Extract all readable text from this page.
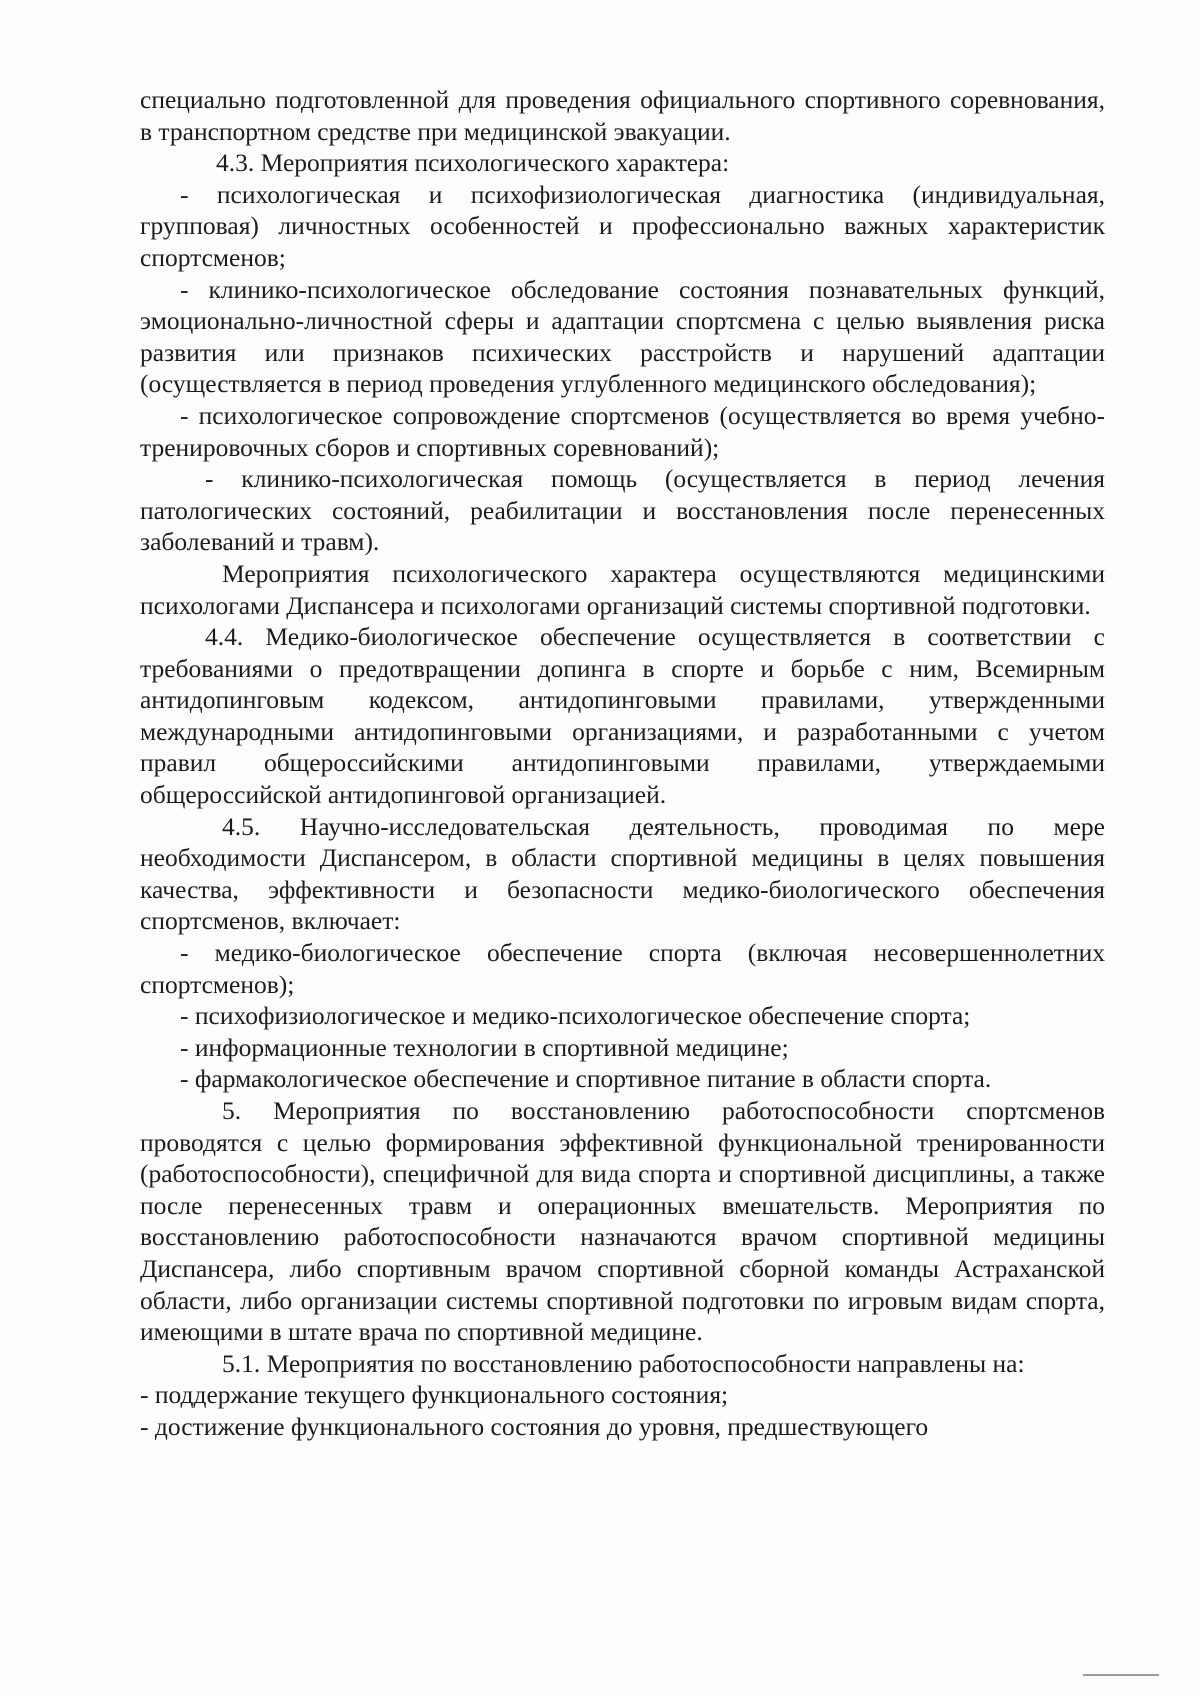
специально подготовленной для проведения официального спортивного соревнования, в транспортном средстве при медицинской эвакуации.

4.3. Мероприятия психологического характера:

- психологическая и психофизиологическая диагностика (индивидуальная, групповая) личностных особенностей и профессионально важных характеристик спортсменов;

- клинико-психологическое обследование состояния познавательных функций, эмоционально-личностной сферы и адаптации спортсмена с целью выявления риска развития или признаков психических расстройств и нарушений адаптации (осуществляется в период проведения углубленного медицинского обследования);

- психологическое сопровождение спортсменов (осуществляется во время учебно-тренировочных сборов и спортивных соревнований);

- клинико-психологическая помощь (осуществляется в период лечения патологических состояний, реабилитации и восстановления после перенесенных заболеваний и травм).

Мероприятия психологического характера осуществляются медицинскими психологами Диспансера и психологами организаций системы спортивной подготовки.

4.4. Медико-биологическое обеспечение осуществляется в соответствии с требованиями о предотвращении допинга в спорте и борьбе с ним, Всемирным антидопинговым кодексом, антидопинговыми правилами, утвержденными международными антидопинговыми организациями, и разработанными с учетом правил общероссийскими антидопинговыми правилами, утверждаемыми общероссийской антидопинговой организацией.

4.5. Научно-исследовательская деятельность, проводимая по мере необходимости Диспансером, в области спортивной медицины в целях повышения качества, эффективности и безопасности медико-биологического обеспечения спортсменов, включает:

- медико-биологическое обеспечение спорта (включая несовершеннолетних спортсменов);

- психофизиологическое и медико-психологическое обеспечение спорта;

- информационные технологии в спортивной медицине;

- фармакологическое обеспечение и спортивное питание в области спорта.

5. Мероприятия по восстановлению работоспособности спортсменов проводятся с целью формирования эффективной функциональной тренированности (работоспособности), специфичной для вида спорта и спортивной дисциплины, а также после перенесенных травм и операционных вмешательств. Мероприятия по восстановлению работоспособности назначаются врачом спортивной медицины Диспансера, либо спортивным врачом спортивной сборной команды Астраханской области, либо организации системы спортивной подготовки по игровым видам спорта, имеющими в штате врача по спортивной медицине.

5.1. Мероприятия по восстановлению работоспособности направлены на:

- поддержание текущего функционального состояния;

- достижение функционального состояния до уровня, предшествующего
